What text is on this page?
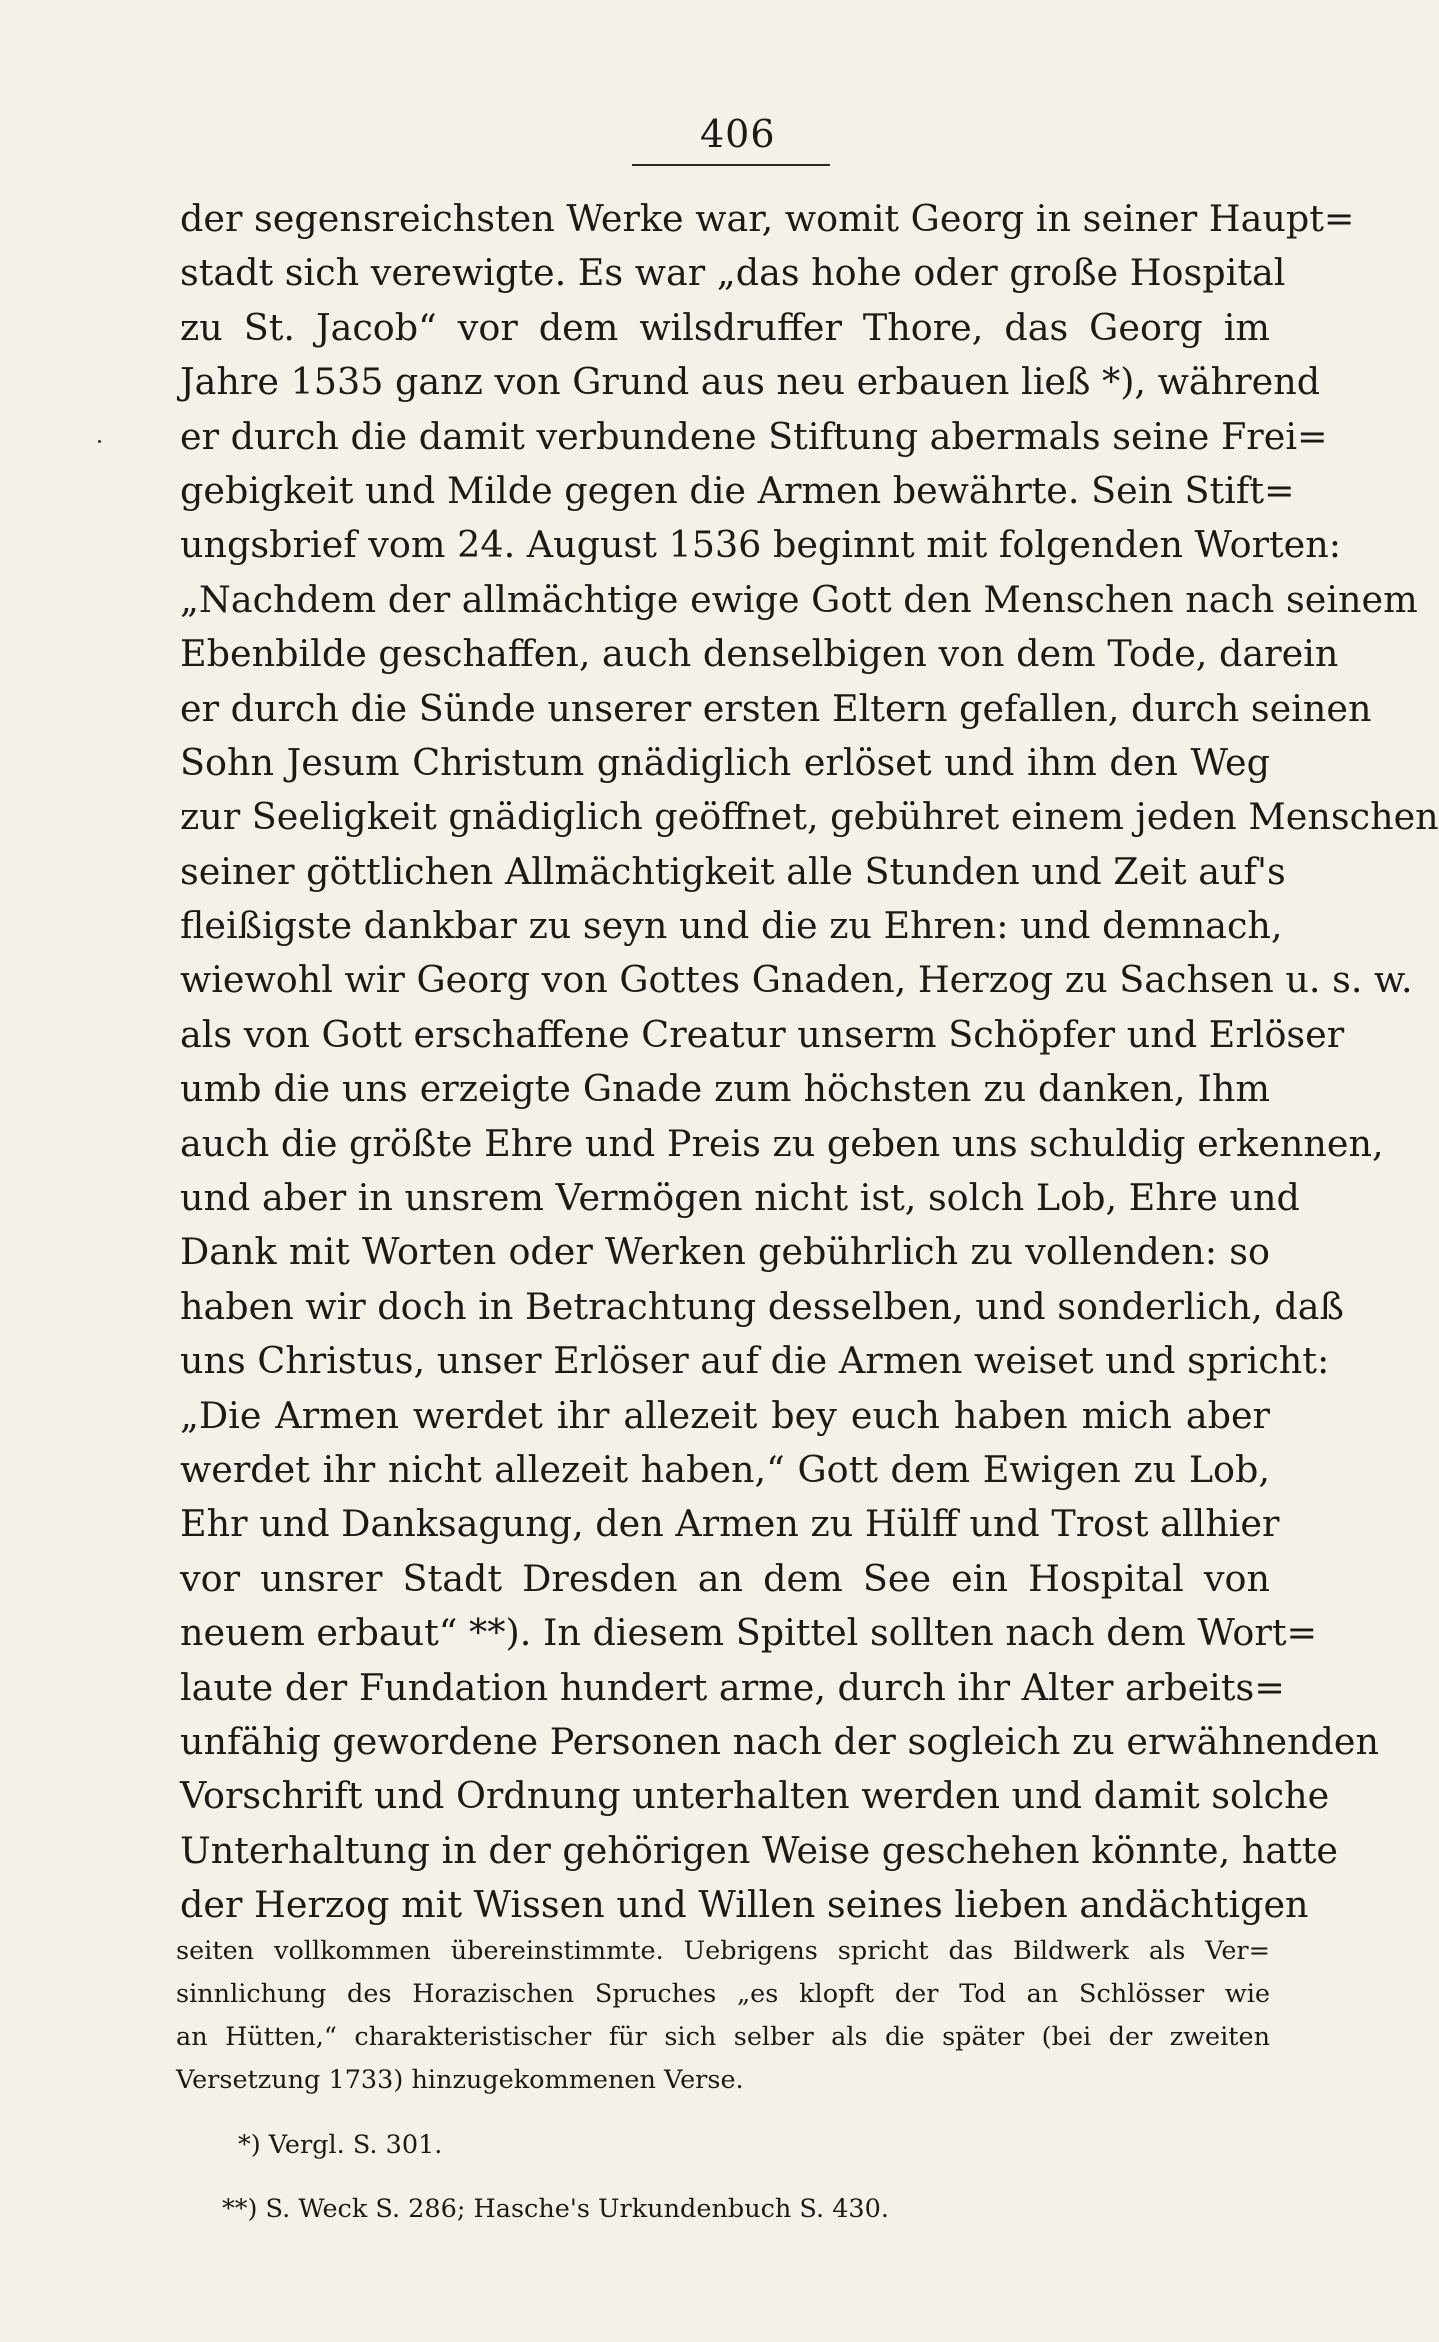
406
der segensreichsten Werke war, womit Georg in seiner Haupt=
stadt sich verewigte. Es war „das hohe oder große Hospital
zu St. Jacob“ vor dem wilsdruffer Thore, das Georg im
Jahre 1535 ganz von Grund aus neu erbauen ließ *), während
er durch die damit verbundene Stiftung abermals seine Frei=
gebigkeit und Milde gegen die Armen bewährte. Sein Stift=
ungsbrief vom 24. August 1536 beginnt mit folgenden Worten:
„Nachdem der allmächtige ewige Gott den Menschen nach seinem
Ebenbilde geschaffen, auch denselbigen von dem Tode, darein
er durch die Sünde unserer ersten Eltern gefallen, durch seinen
Sohn Jesum Christum gnädiglich erlöset und ihm den Weg
zur Seeligkeit gnädiglich geöffnet, gebühret einem jeden Menschen
seiner göttlichen Allmächtigkeit alle Stunden und Zeit auf's
fleißigste dankbar zu seyn und die zu Ehren: und demnach,
wiewohl wir Georg von Gottes Gnaden, Herzog zu Sachsen u. s. w.
als von Gott erschaffene Creatur unserm Schöpfer und Erlöser
umb die uns erzeigte Gnade zum höchsten zu danken, Ihm
auch die größte Ehre und Preis zu geben uns schuldig erkennen,
und aber in unsrem Vermögen nicht ist, solch Lob, Ehre und
Dank mit Worten oder Werken gebührlich zu vollenden: so
haben wir doch in Betrachtung desselben, und sonderlich, daß
uns Christus, unser Erlöser auf die Armen weiset und spricht:
„Die Armen werdet ihr allezeit bey euch haben mich aber
werdet ihr nicht allezeit haben,“ Gott dem Ewigen zu Lob,
Ehr und Danksagung, den Armen zu Hülff und Trost allhier
vor unsrer Stadt Dresden an dem See ein Hospital von
neuem erbaut“ **). In diesem Spittel sollten nach dem Wort=
laute der Fundation hundert arme, durch ihr Alter arbeits=
unfähig gewordene Personen nach der sogleich zu erwähnenden
Vorschrift und Ordnung unterhalten werden und damit solche
Unterhaltung in der gehörigen Weise geschehen könnte, hatte
der Herzog mit Wissen und Willen seines lieben andächtigen
seiten vollkommen übereinstimmte. Uebrigens spricht das Bildwerk als Ver=
sinnlichung des Horazischen Spruches „es klopft der Tod an Schlösser wie
an Hütten,“ charakteristischer für sich selber als die später (bei der zweiten
Versetzung 1733) hinzugekommenen Verse.
*) Vergl. S. 301.
**) S. Weck S. 286; Hasche's Urkundenbuch S. 430.
